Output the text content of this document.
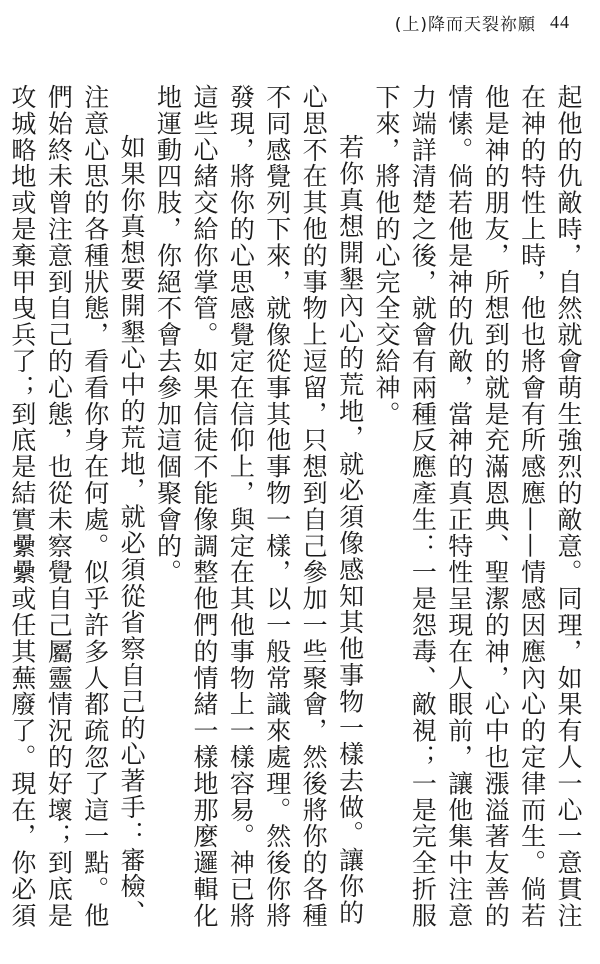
(上)降而天裂祢願 44

起他的仇敵時，自然就會萌生強烈的敵意。同理，如果有人一心一意貫注在神的特性上時，他也將會有所感應——情感因應內心的定律而生。倘若他是神的朋友，所想到的就是充滿恩典、聖潔的神，心中也漲溢著友善的情愫。倘若他是神的仇敵，當神的真正特性呈現在人眼前，讓他集中注意力端詳清楚之後，就會有兩種反應產生：一是怨毒、敵視；一是完全折服下來，將他的心完全交給神。

若你真想開墾內心的荒地，就必須像感知其他事物一樣去做。讓你的心思不在其他的事物上逗留，只想到自己參加一些聚會，然後將你的各種不同感覺列下來，就像從事其他事物一樣，以一般常識來處理。然後你將發現，將你的心思感覺定在信仰上，與定在其他事物上一樣容易。神已將這些心緒交給你掌管。如果信徒不能像調整他們的情緒一樣地那麼邏輯化地運動四肢，你絕不會去參加這個聚會的。

如果你真想要開墾心中的荒地，就必須從省察自己的心著手：審檢、注意心思的各種狀態，看看你身在何處。似乎許多人都疏忽了這一點。他們始終未曾注意到自己的心態，也從未察覺自己屬靈情況的好壞；到底是攻城略地或是棄甲曳兵了；到底是結實纍纍或任其蕪廢了。現在，你必須
